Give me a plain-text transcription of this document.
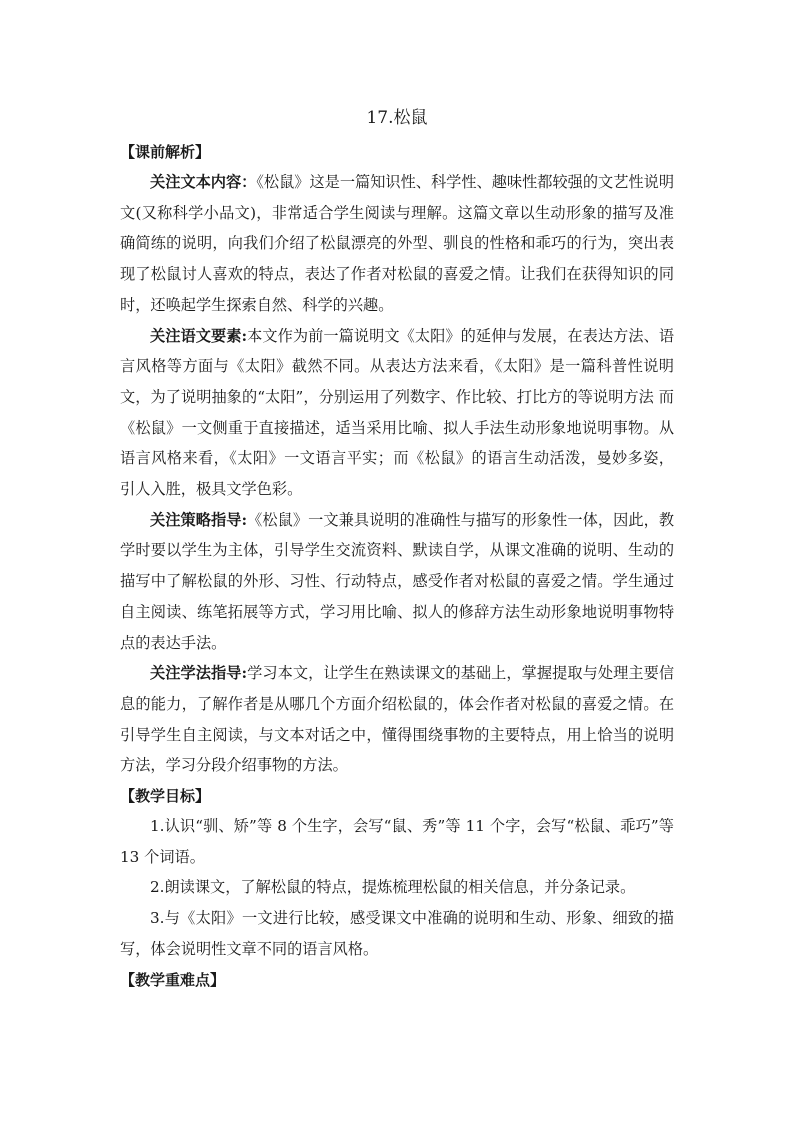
17.松鼠
【课前解析】

关注文本内容：《松鼠》这是一篇知识性、科学性、趣味性都较强的文艺性说明文(又称科学小品文)，非常适合学生阅读与理解。这篇文章以生动形象的描写及准确简练的说明，向我们介绍了松鼠漂亮的外型、驯良的性格和乖巧的行为，突出表现了松鼠讨人喜欢的特点，表达了作者对松鼠的喜爱之情。让我们在获得知识的同时，还唤起学生探索自然、科学的兴趣。

关注语文要素:本文作为前一篇说明文《太阳》的延伸与发展，在表达方法、语言风格等方面与《太阳》截然不同。从表达方法来看，《太阳》是一篇科普性说明文，为了说明抽象的“太阳”，分别运用了列数字、作比较、打比方的等说明方法 而《松鼠》一文侧重于直接描述，适当采用比喻、拟人手法生动形象地说明事物。从语言风格来看，《太阳》一文语言平实；而《松鼠》的语言生动活泼，曼妙多姿，引人入胜，极具文学色彩。

关注策略指导:《松鼠》一文兼具说明的准确性与描写的形象性一体，因此，教学时要以学生为主体，引导学生交流资料、默读自学，从课文准确的说明、生动的描写中了解松鼠的外形、习性、行动特点，感受作者对松鼠的喜爱之情。学生通过自主阅读、练笔拓展等方式，学习用比喻、拟人的修辞方法生动形象地说明事物特点的表达手法。

关注学法指导:学习本文，让学生在熟读课文的基础上，掌握提取与处理主要信息的能力，了解作者是从哪几个方面介绍松鼠的，体会作者对松鼠的喜爱之情。在引导学生自主阅读，与文本对话之中，懂得围绕事物的主要特点，用上恰当的说明方法，学习分段介绍事物的方法。

【教学目标】

1.认识“驯、矫”等 8 个生字，会写“鼠、秀”等 11 个字，会写“松鼠、乖巧”等 13 个词语。

2.朗读课文，了解松鼠的特点，提炼梳理松鼠的相关信息，并分条记录。

3.与《太阳》一文进行比较，感受课文中准确的说明和生动、形象、细致的描写，体会说明性文章不同的语言风格。

【教学重难点】
